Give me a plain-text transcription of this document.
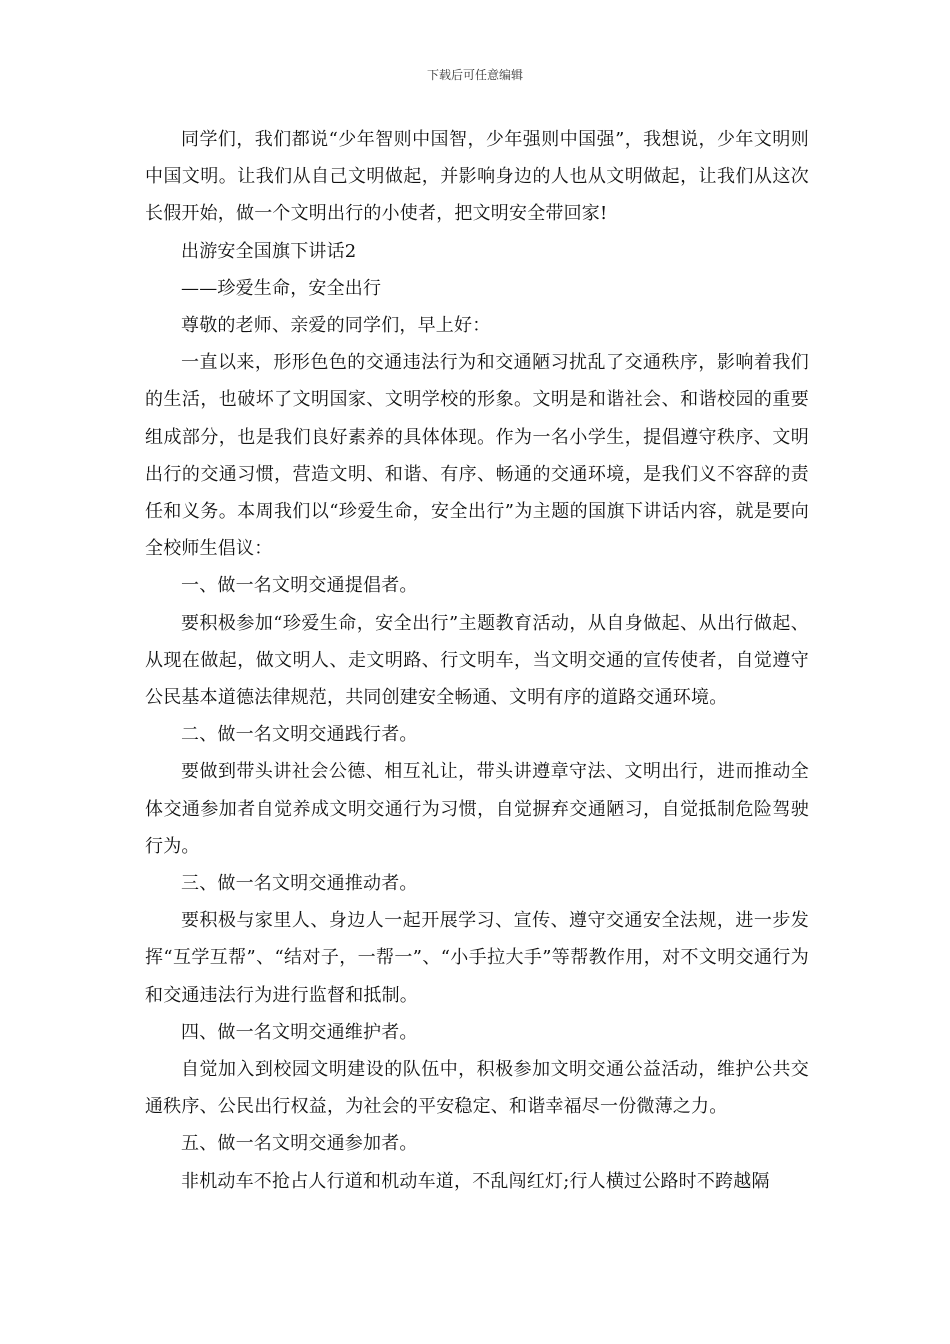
下载后可任意编辑

同学们，我们都说“少年智则中国智，少年强则中国强”，我想说，少年文明则中国文明。让我们从自己文明做起，并影响身边的人也从文明做起，让我们从这次长假开始，做一个文明出行的小使者，把文明安全带回家!

出游安全国旗下讲话2

——珍爱生命，安全出行

尊敬的老师、亲爱的同学们，早上好：

一直以来，形形色色的交通违法行为和交通陋习扰乱了交通秩序，影响着我们的生活，也破坏了文明国家、文明学校的形象。文明是和谐社会、和谐校园的重要组成部分，也是我们良好素养的具体体现。作为一名小学生，提倡遵守秩序、文明出行的交通习惯，营造文明、和谐、有序、畅通的交通环境，是我们义不容辞的责任和义务。本周我们以“珍爱生命，安全出行”为主题的国旗下讲话内容，就是要向全校师生倡议：

一、做一名文明交通提倡者。

要积极参加“珍爱生命，安全出行”主题教育活动，从自身做起、从出行做起、从现在做起，做文明人、走文明路、行文明车，当文明交通的宣传使者，自觉遵守公民基本道德法律规范，共同创建安全畅通、文明有序的道路交通环境。

二、做一名文明交通践行者。

要做到带头讲社会公德、相互礼让，带头讲遵章守法、文明出行，进而推动全体交通参加者自觉养成文明交通行为习惯，自觉摒弃交通陋习，自觉抵制危险驾驶行为。

三、做一名文明交通推动者。

要积极与家里人、身边人一起开展学习、宣传、遵守交通安全法规，进一步发挥“互学互帮”、“结对子，一帮一”、“小手拉大手”等帮教作用，对不文明交通行为和交通违法行为进行监督和抵制。

四、做一名文明交通维护者。

自觉加入到校园文明建设的队伍中，积极参加文明交通公益活动，维护公共交通秩序、公民出行权益，为社会的平安稳定、和谐幸福尽一份微薄之力。

五、做一名文明交通参加者。

非机动车不抢占人行道和机动车道，不乱闯红灯;行人横过公路时不跨越隔
